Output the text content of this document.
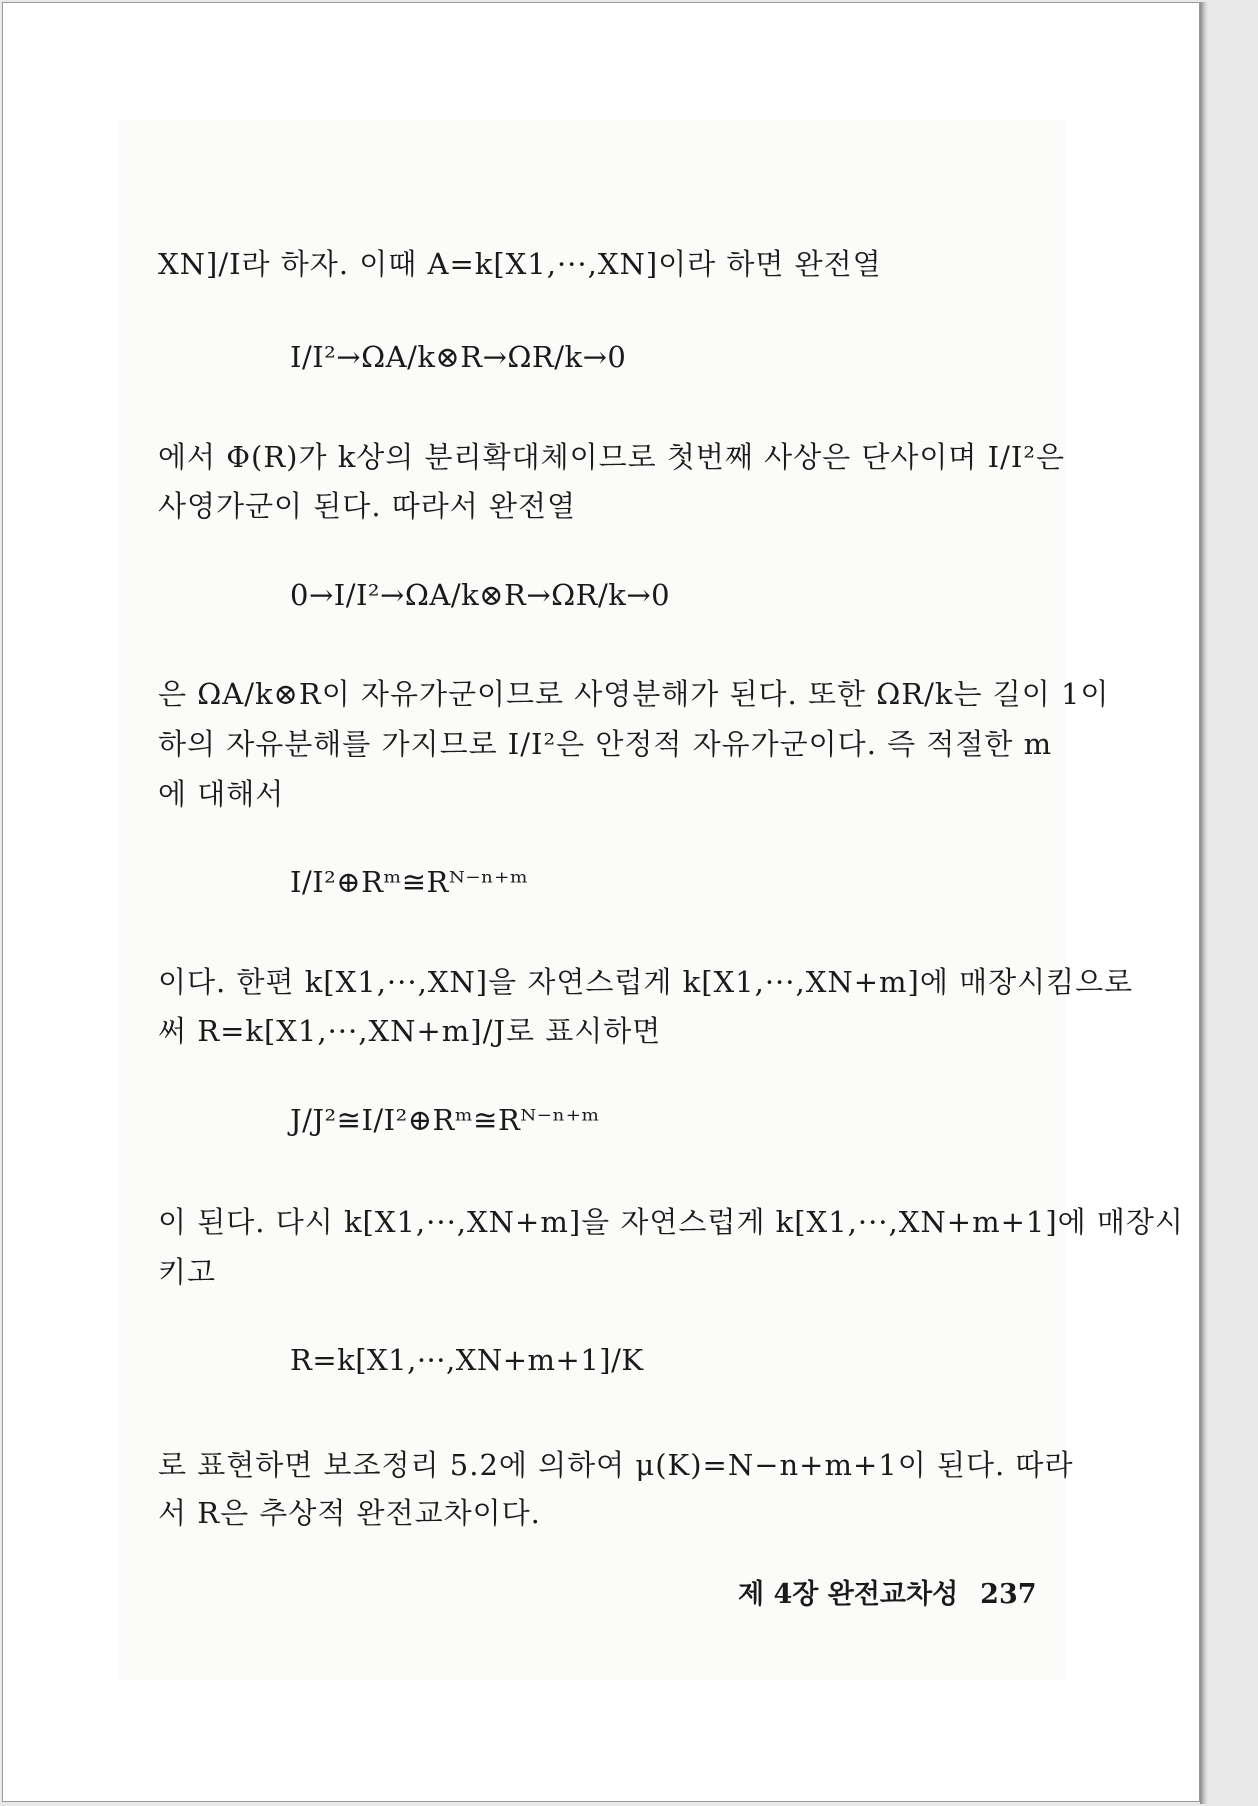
XN]/I라 하자. 이때 A=k[X1,···,XN]이라 하면 완전열
I/I²→ΩA/k⊗R→ΩR/k→0
에서 Φ(R)가 k상의 분리확대체이므로 첫번째 사상은 단사이며 I/I²은
사영가군이 된다. 따라서 완전열
0→I/I²→ΩA/k⊗R→ΩR/k→0
은 ΩA/k⊗R이 자유가군이므로 사영분해가 된다. 또한 ΩR/k는 길이 1이
하의 자유분해를 가지므로 I/I²은 안정적 자유가군이다. 즉 적절한 m
에 대해서
I/I²⊕Rᵐ≅Rᴺ⁻ⁿ⁺ᵐ
이다. 한편 k[X1,···,XN]을 자연스럽게 k[X1,···,XN+m]에 매장시킴으로
써 R=k[X1,···,XN+m]/J로 표시하면
J/J²≅I/I²⊕Rᵐ≅Rᴺ⁻ⁿ⁺ᵐ
이 된다. 다시 k[X1,···,XN+m]을 자연스럽게 k[X1,···,XN+m+1]에 매장시
키고
R=k[X1,···,XN+m+1]/K
로 표현하면 보조정리 5.2에 의하여 μ(K)=N−n+m+1이 된다. 따라
서 R은 추상적 완전교차이다.
제 4장 완전교차성 237
